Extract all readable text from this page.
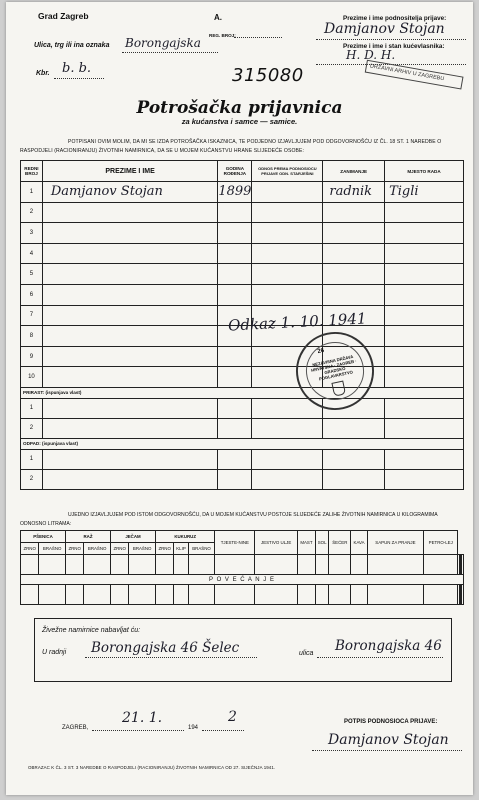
Grad Zagreb	A.
REG. BROJ:
Ulica, trg ili ina oznaka Borongajska
Kbr. b. b.
Prezime i ime podnositelja prijave:
Damjanov Stojan
Prezime i ime i stan kućevlasnika:
H. D. H.
315080	DRŽAVNI ARHIV U ZAGREBU
Potrošačka prijavnica
za kućanstva i samce — samice.
POTPISANI OVIM MOLIM, DA MI SE IZDA POTROŠAČKA ISKAZNICA, TE PODJEDNO IZJAVLJUJEM POD ODGOVORNOŠĆU IZ ČL. 18 ST. 1 NAREDBE O RASPODJELI (RACIONIRANJU) ŽIVOTNIH NAMIRNICA, DA SE U MOJEM KUĆANSTVU HRANE SLIJEDEĆE OSOBE:
REDNI BROJ	PREZIME I IME	GODINA ROĐENJA	ODNOS PREMA PODNOSIOCU PRIJAVE ODN. STARJEŠINI	ZANIMANJE	MJESTO RADA
1	Damjanov Stojan	1899		radnik	Tigli
2					
3					
4					
5					
6					
7					
8					
9					
10					
PRIRAST: (ispunjava vlast)					
1					
2					
ODPAD: (ispunjava vlast)					
1					
2					
Odkaz 1. 10. 1941
NEZAVISNA DRŽAVA HRVATSKA · ZAGREB · GRADSKO POGLAVARSTVO
26
UJEDNO IZJAVLJUJEM POD ISTOM ODGOVORNOŠĆU, DA U MOJEM KUĆANSTVU POSTOJE SLIJEDEĆE ZALIHE ŽIVOTNIH NAMIRNICA U KILOGRAMIMA ODNOSNO LITRAMA:
PŠENICA		RAŽ		JEČAM		KUKURUZ			TJESTE-NINE	JESTIVO ULJE	MAST	SOL	ŠEĆER	KAVA	SAPUN ZA PRANJE	PETRO-LEJ			
ZRNO	BRAŠNO	ZRNO	BRAŠNO	ZRNO	BRAŠNO	ZRNO	KLIP	BRAŠNO											

P O V E Ć A N J E																			

Živežne namirnice nabavljat ću:
U radnji Borongajska 46 Šelec	ulica Borongajska 46
ZAGREB,
21. 1.
194
2	POTPIS PODNOSIOCA PRIJAVE:
Damjanov Stojan
OBRAZAC K ČL. 3 ST. 3 NAREDBE O RASPODJELI (RACIONIRANJU) ŽIVOTNIH NAMIRNICA OD 27. SIJEČNJA 1941.
